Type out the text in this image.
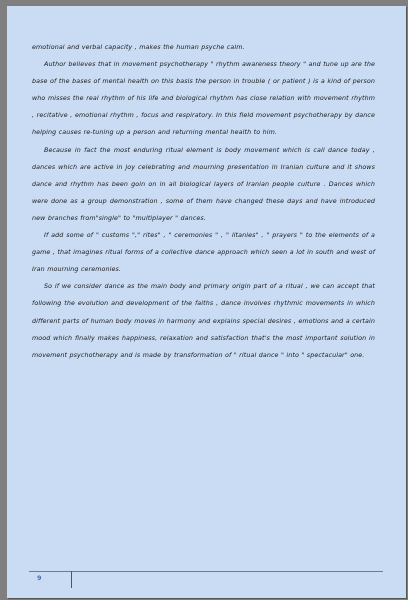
emotional and verbal capacity , makes the human psyche calm.

Author believes that in movement psychotherapy " rhythm awareness theory " and tune up are the base of the bases of mental health on this basis the person in trouble ( or patient ) is a kind of person who misses the real rhythm of his life and biological rhythm has close relation with movement rhythm , recitative , emotional rhythm , focus and respiratory. In this field movement psychotherapy by dance helping causes re-tuning up a person and returning mental health to him.

Because in fact the most enduring ritual element is body movement which is call dance today , dances which are active in joy celebrating and mourning presentation in Iranian culture and it shows dance and rhythm has been goin on in all biological layers of Iranian people culture . Dances which were done as a group demonstration , some of them have changed these days and have introduced new branches from"single" to "multiplayer " dances.

If add some of " customs "," rites" , " ceremonies " , " litanies" , " prayers " to the elements of a game , that imagines ritual forms of a collective dance approach which seen a lot in south and west of Iran mourning ceremonies.

So if we consider dance as the main body and primary origin part of a ritual , we can accept that following the evolution and development of the faiths , dance involves rhythmic movements in which different parts of human body moves in harmony and explains special desires , emotions and a certain mood which finally makes happiness, relaxation and satisfaction that's the most important solution in movement psychotherapy and is made by transformation of " ritual dance " into " spectacular" one.

9
